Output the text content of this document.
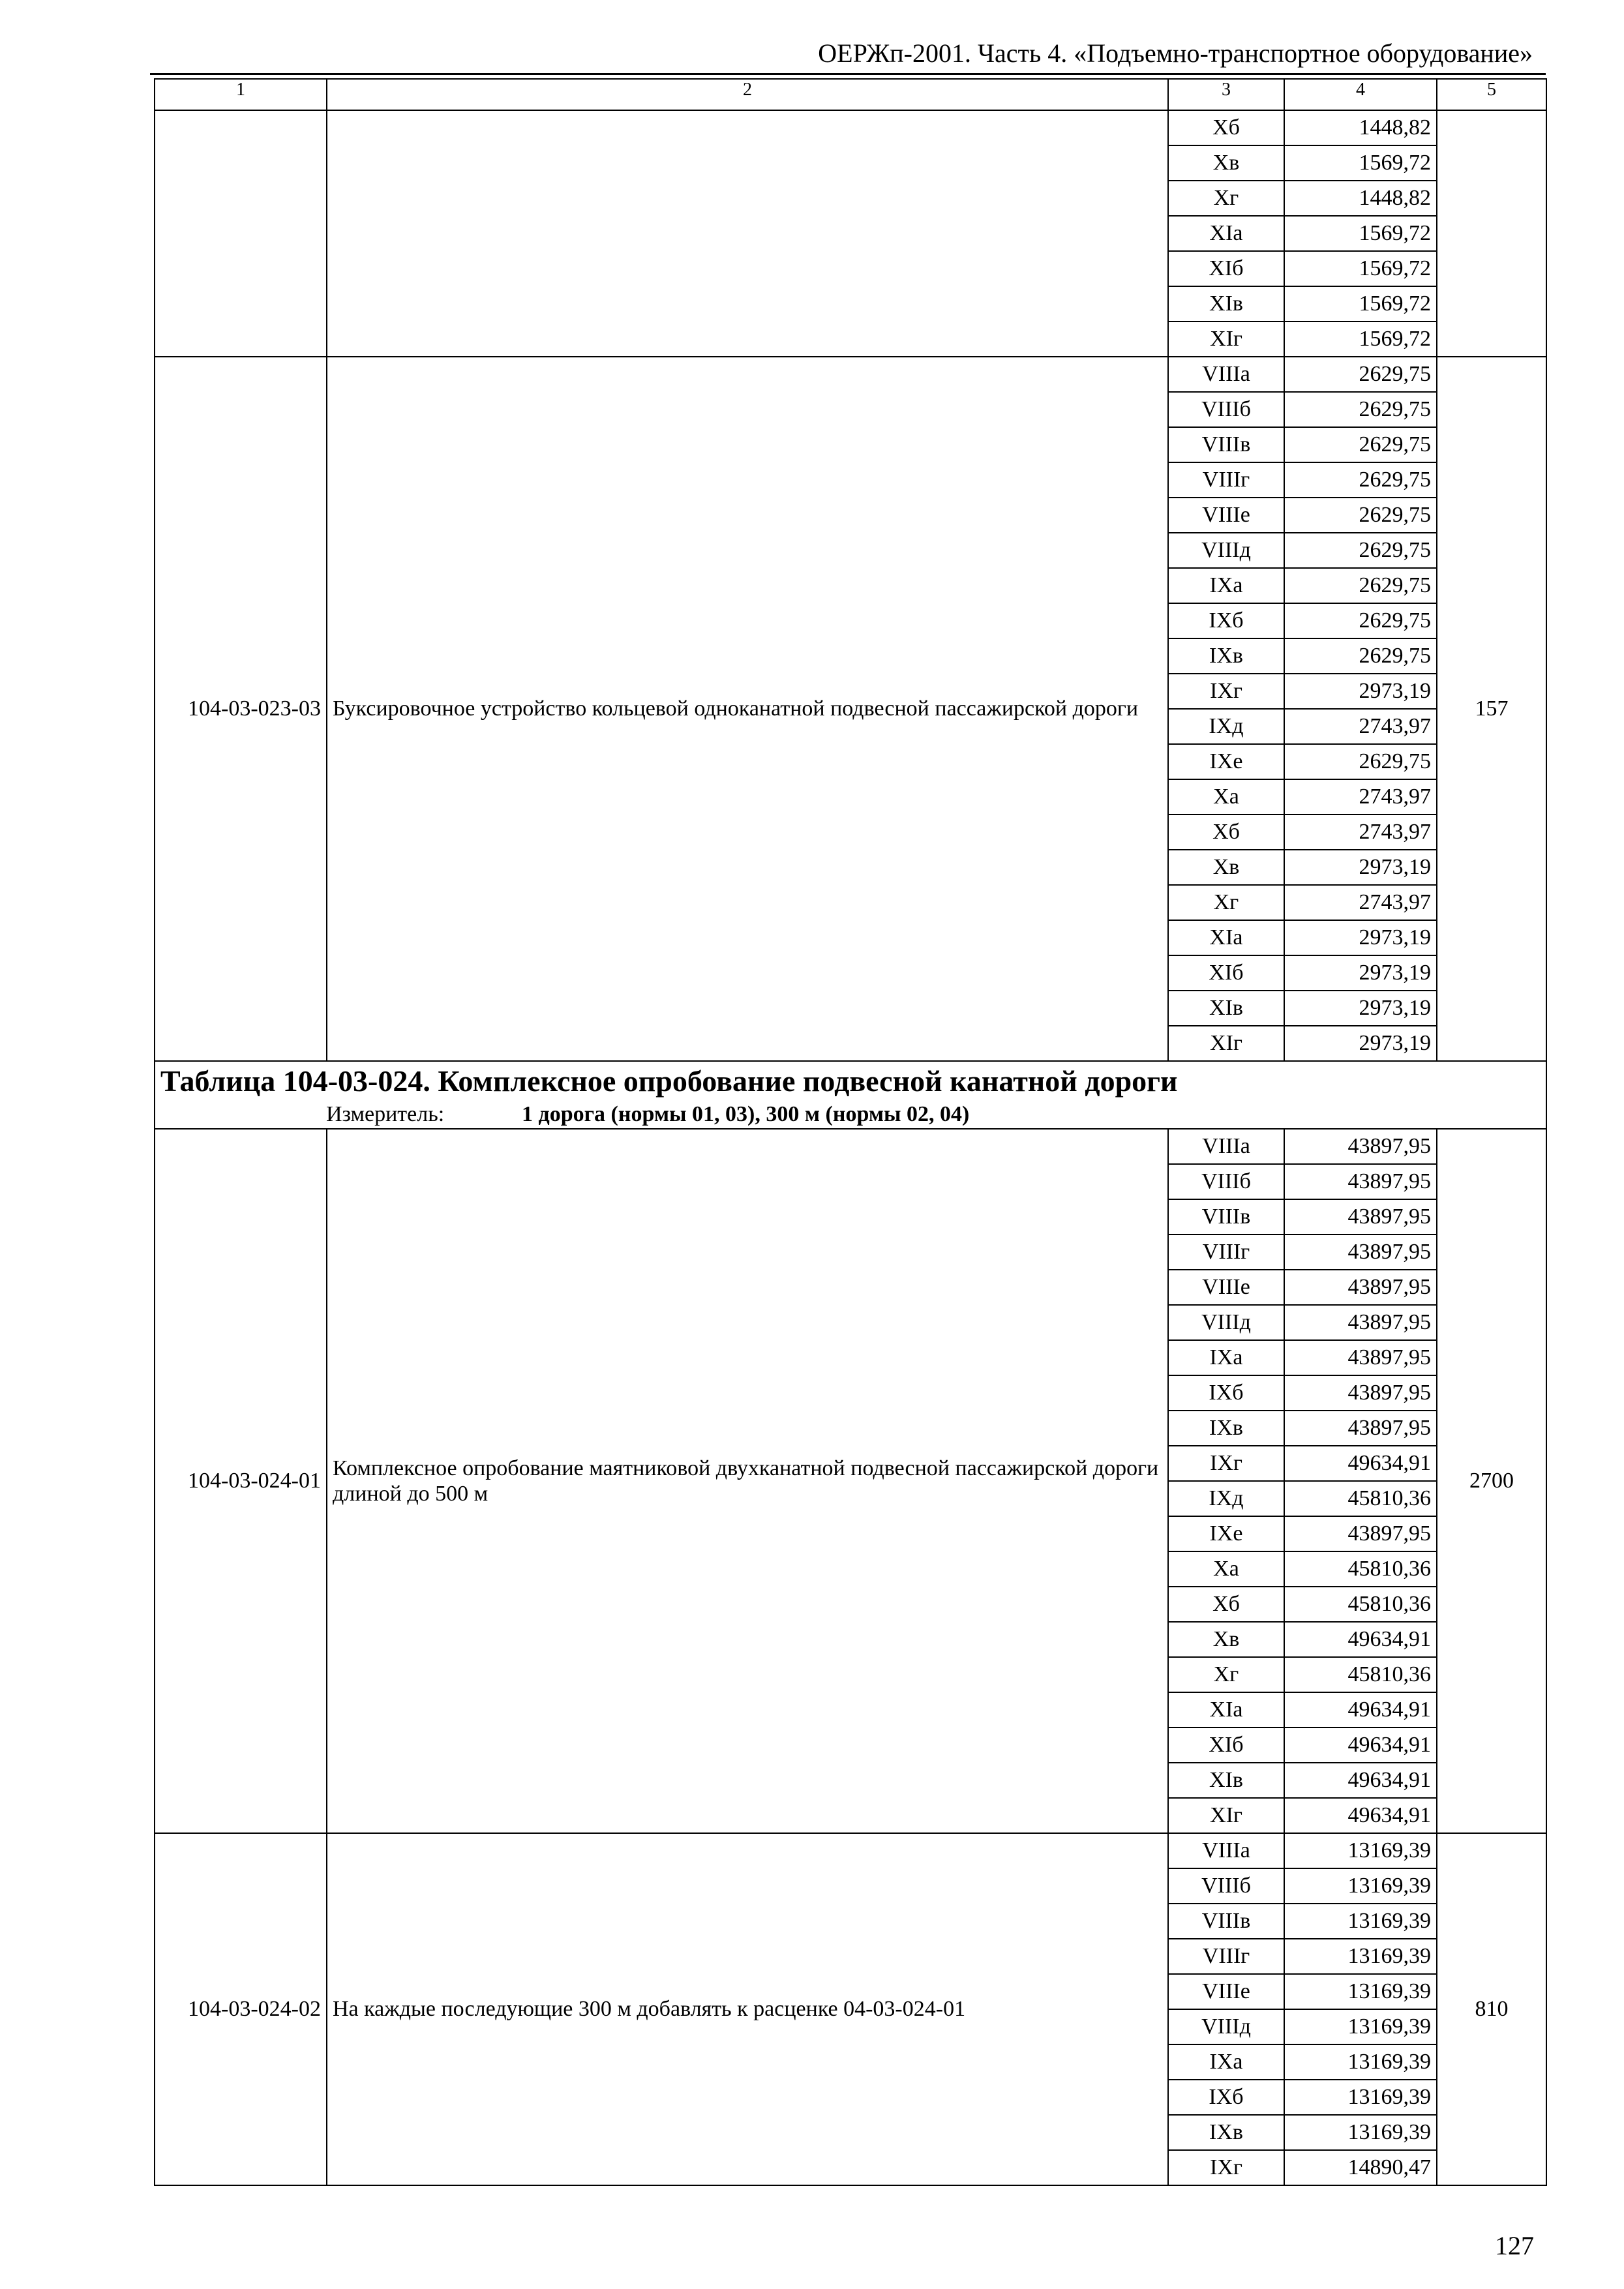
ОЕРЖп-2001. Часть 4. «Подъемно-транспортное оборудование»
1	2	3	4	5
		Xб	1448,82	
		Xв	1569,72	
		Xг	1448,82	
		XIа	1569,72	
		XIб	1569,72	
		XIв	1569,72	
		XIг	1569,72	
104-03-023-03	Буксировочное устройство кольцевой одноканатной подвесной пассажирской дороги	VIIIа	2629,75	157
		VIIIб	2629,75	
		VIIIв	2629,75	
		VIIIг	2629,75	
		VIIIе	2629,75	
		VIIIд	2629,75	
		IXа	2629,75	
		IXб	2629,75	
		IXв	2629,75	
		IXг	2973,19	
		IXд	2743,97	
		IXе	2629,75	
		Xа	2743,97	
		Xб	2743,97	
		Xв	2973,19	
		Xг	2743,97	
		XIа	2973,19	
		XIб	2973,19	
		XIв	2973,19	
		XIг	2973,19	

Таблица 104-03-024. Комплексное опробование подвесной канатной дороги
Измеритель: 1 дорога (нормы 01, 03), 300 м (нормы 02, 04)				

104-03-024-01	Комплексное опробование маятниковой двухканатной подвесной пассажирской дороги длиной до 500 м	VIIIа	43897,95	2700
		VIIIб	43897,95	
		VIIIв	43897,95	
		VIIIг	43897,95	
		VIIIе	43897,95	
		VIIIд	43897,95	
		IXа	43897,95	
		IXб	43897,95	
		IXв	43897,95	
		IXг	49634,91	
		IXд	45810,36	
		IXе	43897,95	
		Xа	45810,36	
		Xб	45810,36	
		Xв	49634,91	
		Xг	45810,36	
		XIа	49634,91	
		XIб	49634,91	
		XIв	49634,91	
		XIг	49634,91	
104-03-024-02	На каждые последующие 300 м добавлять к расценке 04-03-024-01	VIIIа	13169,39	810
		VIIIб	13169,39	
		VIIIв	13169,39	
		VIIIг	13169,39	
		VIIIе	13169,39	
		VIIIд	13169,39	
		IXа	13169,39	
		IXб	13169,39	
		IXв	13169,39	
		IXг	14890,47	
127
